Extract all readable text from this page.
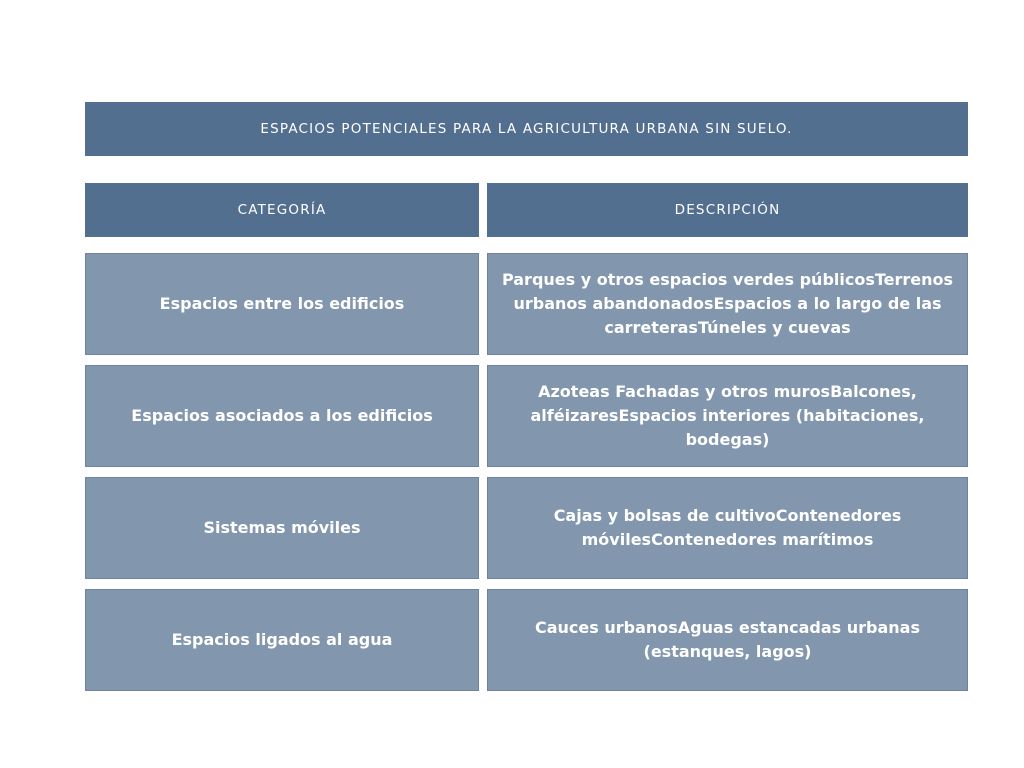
ESPACIOS POTENCIALES PARA LA AGRICULTURA URBANA SIN SUELO.
CATEGORÍA	DESCRIPCIÓN
Espacios entre los edificios
Parques y otros espacios verdes públicosTerrenos urbanos abandonadosEspacios a lo largo de las carreterasTúneles y cuevas
Espacios asociados a los edificios
Azoteas Fachadas y otros murosBalcones, alféizaresEspacios interiores (habitaciones, bodegas)
Sistemas móviles
Cajas y bolsas de cultivoContenedores mόvilesContenedores marítimos
Espacios ligados al agua
Cauces urbanosAguas estancadas urbanas (estanques, lagos)
